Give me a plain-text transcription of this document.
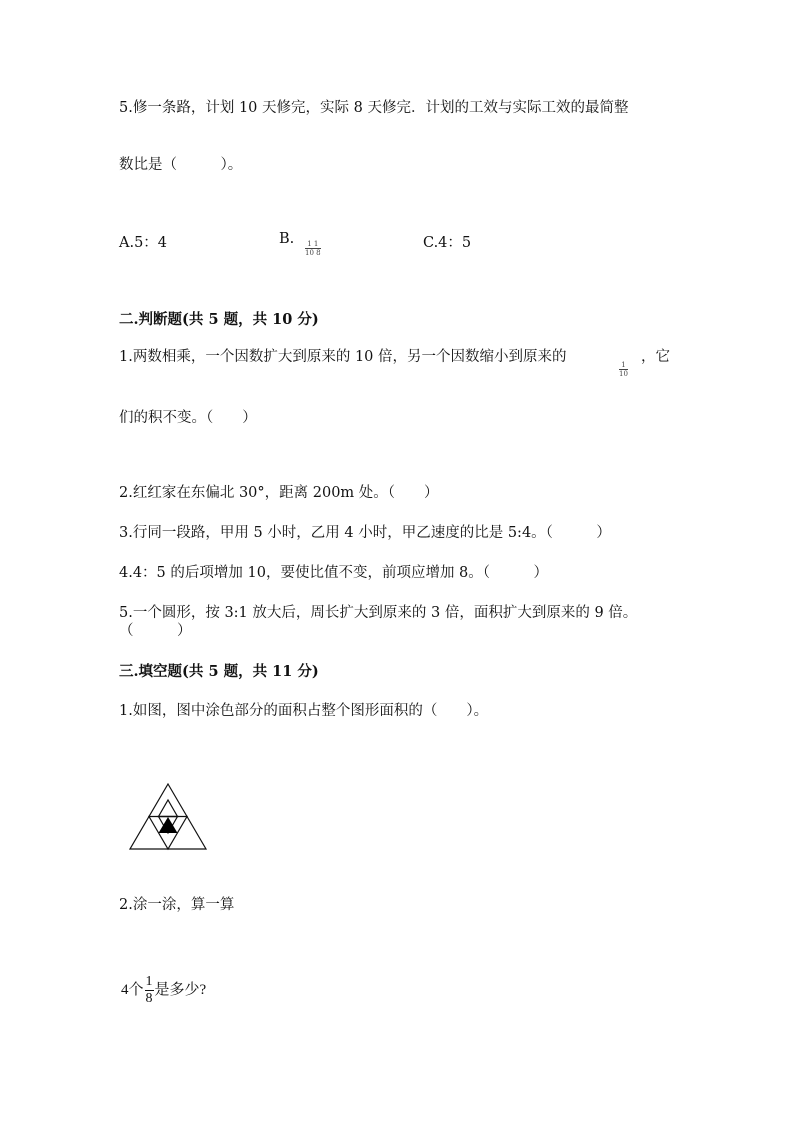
5.修一条路，计划 10 天修完，实际 8 天修完．计划的工效与实际工效的最简整
数比是（　　　）。
A.5：4	B.
$\frac{1 1}{10 8}$	C.4：5
二.判断题(共 5 题，共 10 分)
1.两数相乘，一个因数扩大到原来的 10 倍，另一个因数缩小到原来的
$\frac{1}{10}$
，它
们的积不变。（　　）
2.红红家在东偏北 30°，距离 200m 处。（　　）
3.行同一段路，甲用 5 小时，乙用 4 小时，甲乙速度的比是 5:4。（　　　）
4.4：5 的后项增加 10，要使比值不变，前项应增加 8。（　　　）
5.一个圆形，按 3:1 放大后，周长扩大到原来的 3 倍，面积扩大到原来的 9 倍。
（　　　）
三.填空题(共 5 题，共 11 分)
1.如图，图中涂色部分的面积占整个图形面积的（　　）。
2.涂一涂，算一算
4个 $\frac{1}{8}$ 是多少?
